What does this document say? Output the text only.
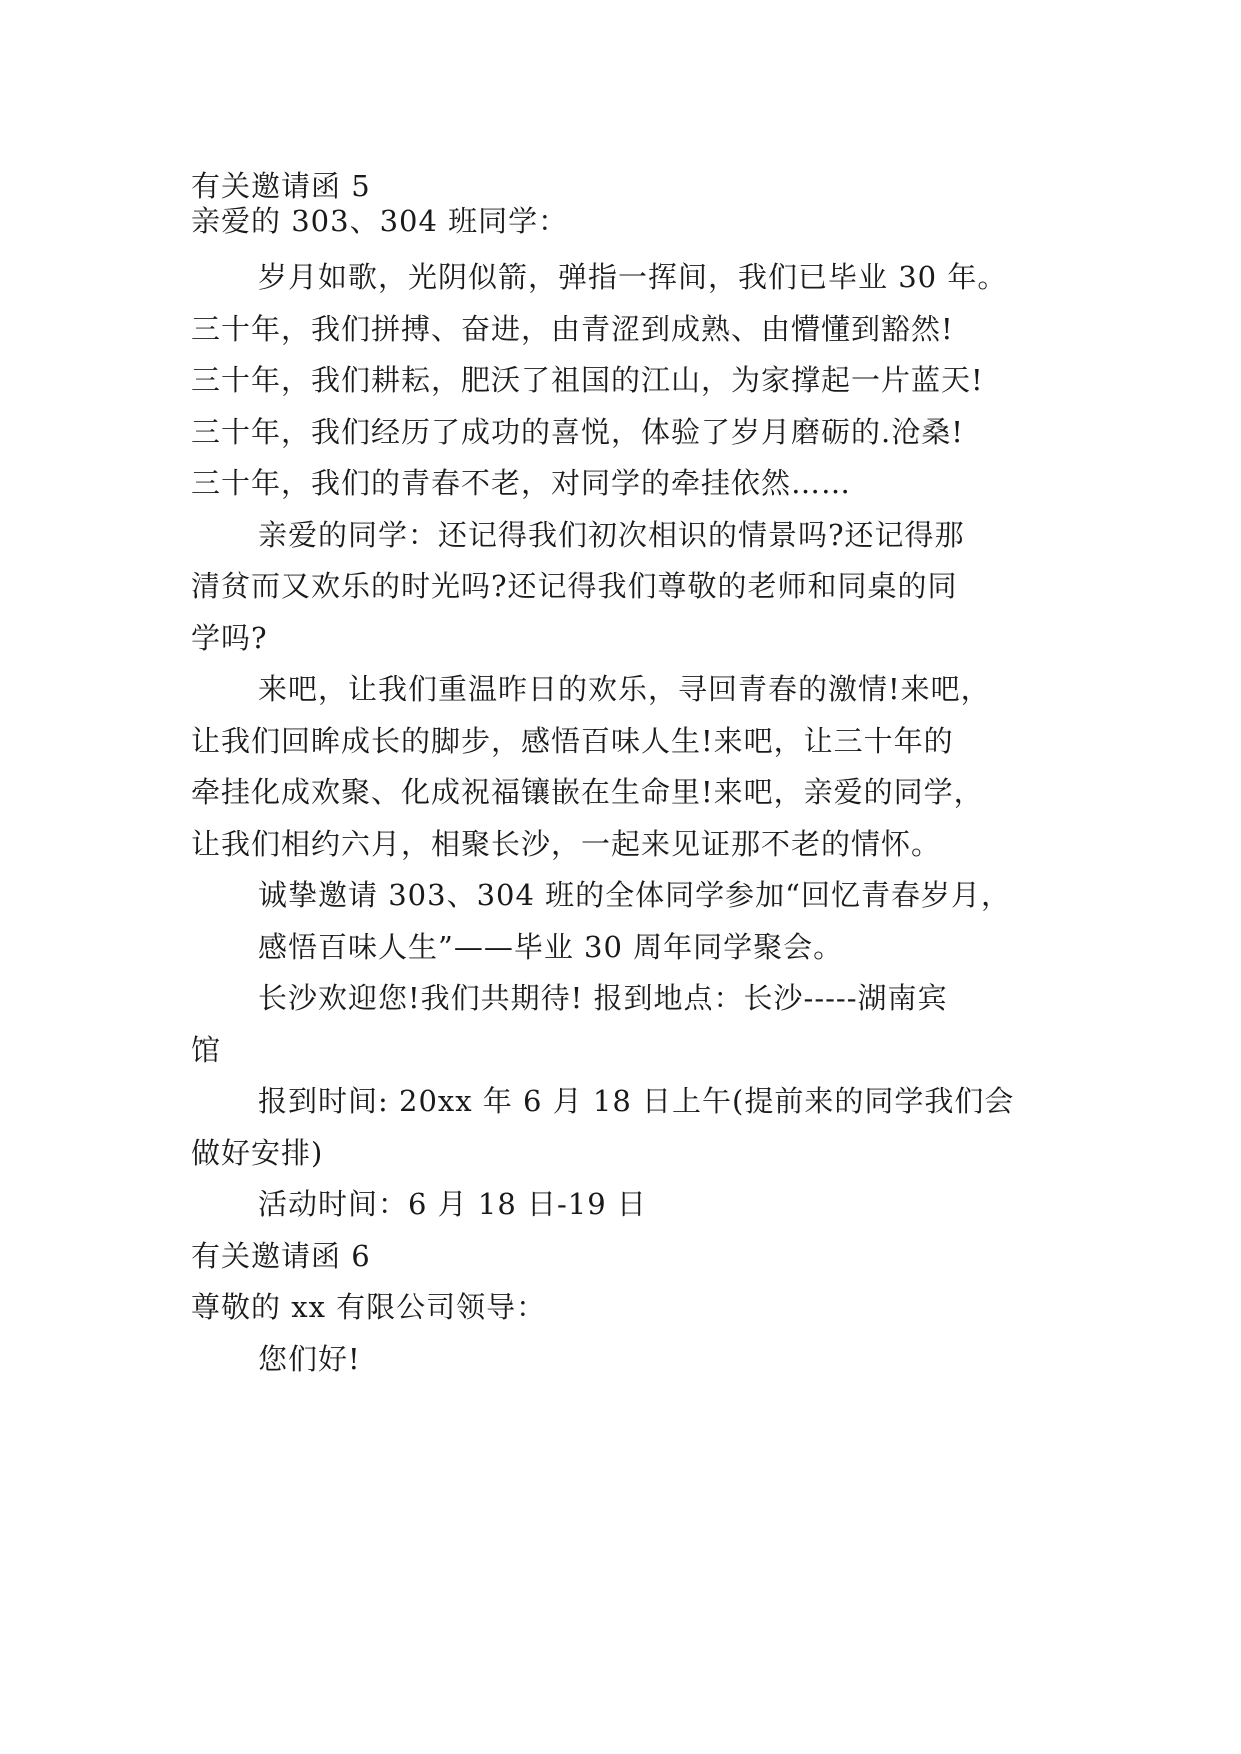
有关邀请函 5
亲爱的 303、304 班同学：
岁月如歌，光阴似箭，弹指一挥间，我们已毕业 30 年。
三十年，我们拼搏、奋进，由青涩到成熟、由懵懂到豁然!
三十年，我们耕耘，肥沃了祖国的江山，为家撑起一片蓝天!
三十年，我们经历了成功的喜悦，体验了岁月磨砺的.沧桑!
三十年，我们的青春不老，对同学的牵挂依然……
亲爱的同学：还记得我们初次相识的情景吗?还记得那
清贫而又欢乐的时光吗?还记得我们尊敬的老师和同桌的同
学吗?
来吧，让我们重温昨日的欢乐，寻回青春的激情!来吧，
让我们回眸成长的脚步，感悟百味人生!来吧，让三十年的
牵挂化成欢聚、化成祝福镶嵌在生命里!来吧，亲爱的同学，
让我们相约六月，相聚长沙，一起来见证那不老的情怀。
诚挚邀请 303、304 班的全体同学参加“回忆青春岁月，
感悟百味人生”——毕业 30 周年同学聚会。
长沙欢迎您!我们共期待! 报到地点：长沙-----湖南宾
馆
报到时间: 20xx 年 6 月 18 日上午(提前来的同学我们会
做好安排)
活动时间：6 月 18 日-19 日
有关邀请函 6
尊敬的 xx 有限公司领导：
您们好!
